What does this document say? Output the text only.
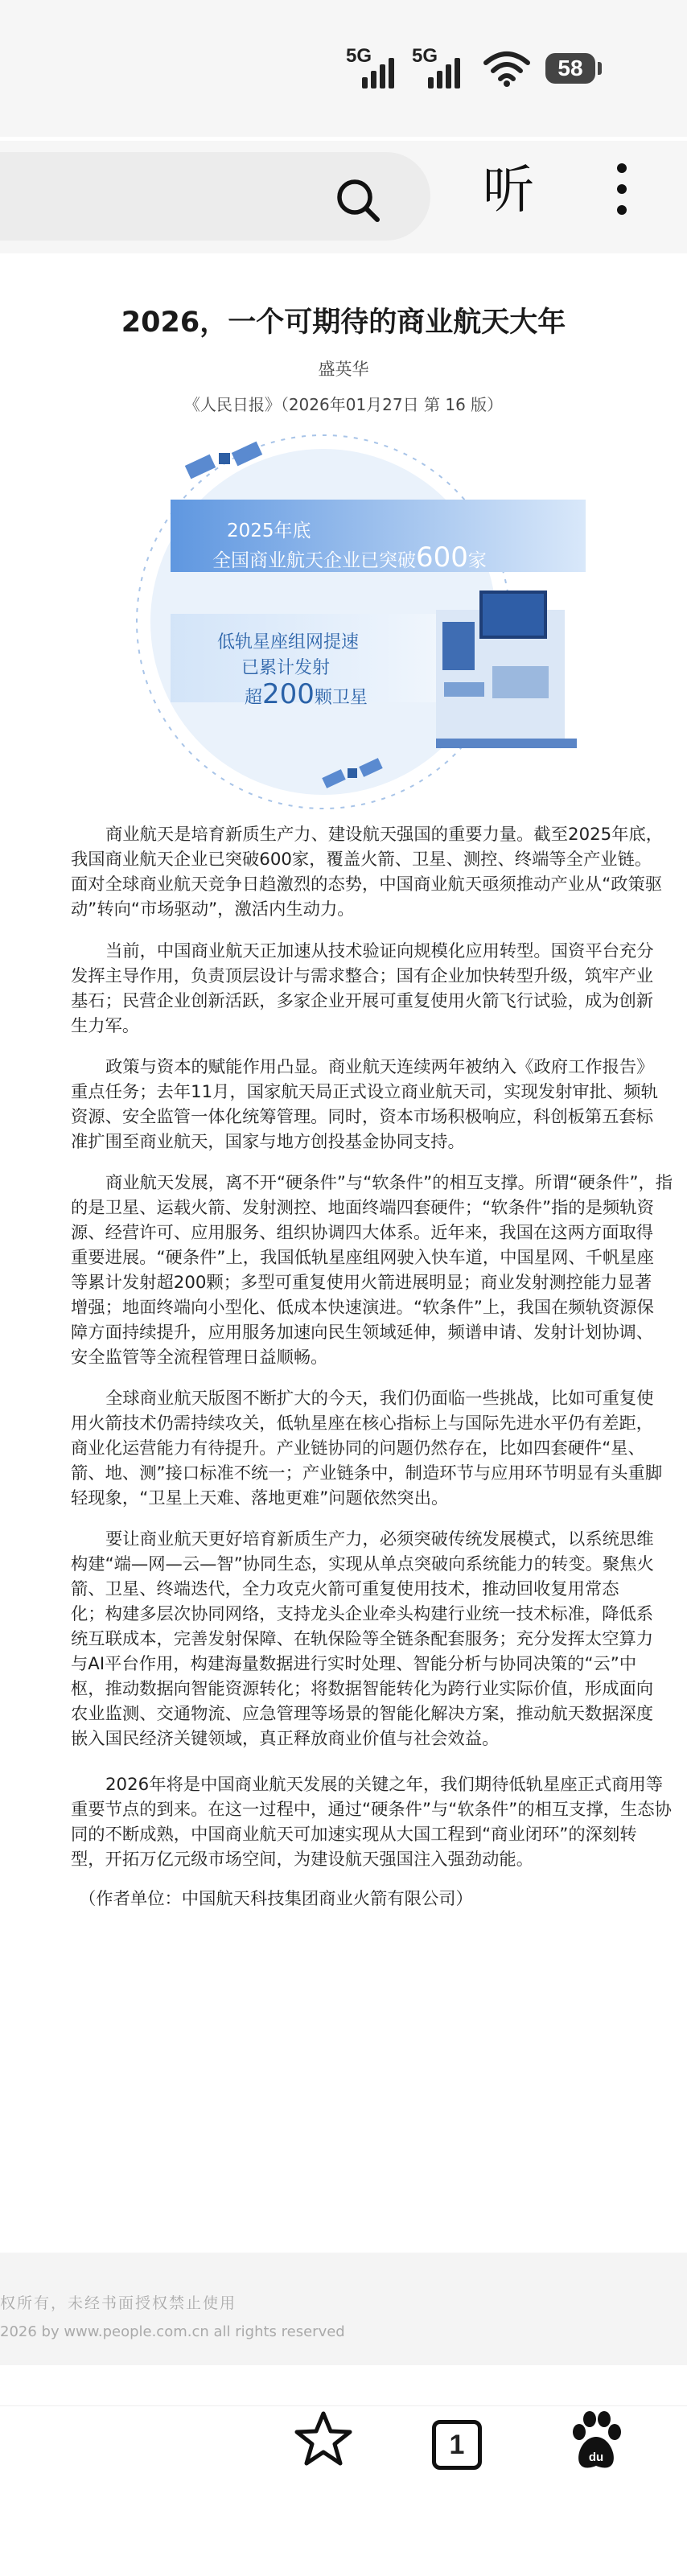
5G 5G	58
听
2026，一个可期待的商业航天大年
盛英华
《人民日报》（2026年01月27日 第 16 版）
2025年底
全国商业航天企业已突破600家
低轨星座组网提速
已累计发射
超200颗卫星
商业航天是培育新质生产力、建设航天强国的重要力量。截至2025年底，
我国商业航天企业已突破600家，覆盖火箭、卫星、测控、终端等全产业链。
面对全球商业航天竞争日趋激烈的态势，中国商业航天亟须推动产业从“政策驱
动”转向“市场驱动”，激活内生动力。
当前，中国商业航天正加速从技术验证向规模化应用转型。国资平台充分
发挥主导作用，负责顶层设计与需求整合；国有企业加快转型升级，筑牢产业
基石；民营企业创新活跃，多家企业开展可重复使用火箭飞行试验，成为创新
生力军。
政策与资本的赋能作用凸显。商业航天连续两年被纳入《政府工作报告》
重点任务；去年11月，国家航天局正式设立商业航天司，实现发射审批、频轨
资源、安全监管一体化统筹管理。同时，资本市场积极响应，科创板第五套标
准扩围至商业航天，国家与地方创投基金协同支持。
商业航天发展，离不开“硬条件”与“软条件”的相互支撑。所谓“硬条件”，指
的是卫星、运载火箭、发射测控、地面终端四套硬件；“软条件”指的是频轨资
源、经营许可、应用服务、组织协调四大体系。近年来，我国在这两方面取得
重要进展。“硬条件”上，我国低轨星座组网驶入快车道，中国星网、千帆星座
等累计发射超200颗；多型可重复使用火箭进展明显；商业发射测控能力显著
增强；地面终端向小型化、低成本快速演进。“软条件”上，我国在频轨资源保
障方面持续提升，应用服务加速向民生领域延伸，频谱申请、发射计划协调、
安全监管等全流程管理日益顺畅。
全球商业航天版图不断扩大的今天，我们仍面临一些挑战，比如可重复使
用火箭技术仍需持续攻关，低轨星座在核心指标上与国际先进水平仍有差距，
商业化运营能力有待提升。产业链协同的问题仍然存在，比如四套硬件“星、
箭、地、测”接口标准不统一；产业链条中，制造环节与应用环节明显有头重脚
轻现象，“卫星上天难、落地更难”问题依然突出。
要让商业航天更好培育新质生产力，必须突破传统发展模式，以系统思维
构建“端—网—云—智”协同生态，实现从单点突破向系统能力的转变。聚焦火
箭、卫星、终端迭代，全力攻克火箭可重复使用技术，推动回收复用常态
化；构建多层次协同网络，支持龙头企业牵头构建行业统一技术标准，降低系
统互联成本，完善发射保障、在轨保险等全链条配套服务；充分发挥太空算力
与AI平台作用，构建海量数据进行实时处理、智能分析与协同决策的“云”中
枢，推动数据向智能资源转化；将数据智能转化为跨行业实际价值，形成面向
农业监测、交通物流、应急管理等场景的智能化解决方案，推动航天数据深度
嵌入国民经济关键领域，真正释放商业价值与社会效益。
2026年将是中国商业航天发展的关键之年，我们期待低轨星座正式商用等
重要节点的到来。在这一过程中，通过“硬条件”与“软条件”的相互支撑，生态协
同的不断成熟，中国商业航天可加速实现从大国工程到“商业闭环”的深刻转
型，开拓万亿元级市场空间，为建设航天强国注入强劲动能。
（作者单位：中国航天科技集团商业火箭有限公司）
权所有，未经书面授权禁止使用
2026 by www.people.com.cn all rights reserved
1	du
